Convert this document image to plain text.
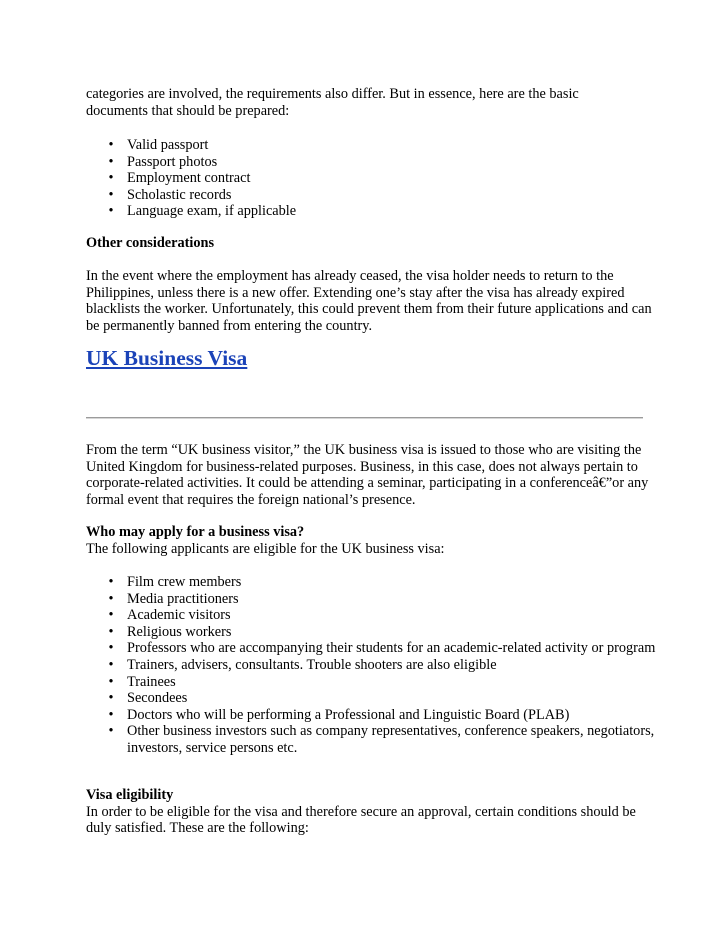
categories are involved, the requirements also differ. But in essence, here are the basic
documents that should be prepared:

• Valid passport
• Passport photos
• Employment contract
• Scholastic records
• Language exam, if applicable

Other considerations

In the event where the employment has already ceased, the visa holder needs to return to the Philippines, unless there is a new offer. Extending one’s stay after the visa has already expired blacklists the worker. Unfortunately, this could prevent them from their future applications and can be permanently banned from entering the country.

UK Business Visa

From the term “UK business visitor,” the UK business visa is issued to those who are visiting the United Kingdom for business-related purposes. Business, in this case, does not always pertain to corporate-related activities. It could be attending a seminar, participating in a conferenceâ€”or any formal event that requires the foreign national’s presence.

Who may apply for a business visa?
The following applicants are eligible for the UK business visa:

• Film crew members
• Media practitioners
• Academic visitors
• Religious workers
• Professors who are accompanying their students for an academic-related activity or program
• Trainers, advisers, consultants. Trouble shooters are also eligible
• Trainees
• Secondees
• Doctors who will be performing a Professional and Linguistic Board (PLAB)
• Other business investors such as company representatives, conference speakers, negotiators, investors, service persons etc.

Visa eligibility
In order to be eligible for the visa and therefore secure an approval, certain conditions should be duly satisfied. These are the following:
